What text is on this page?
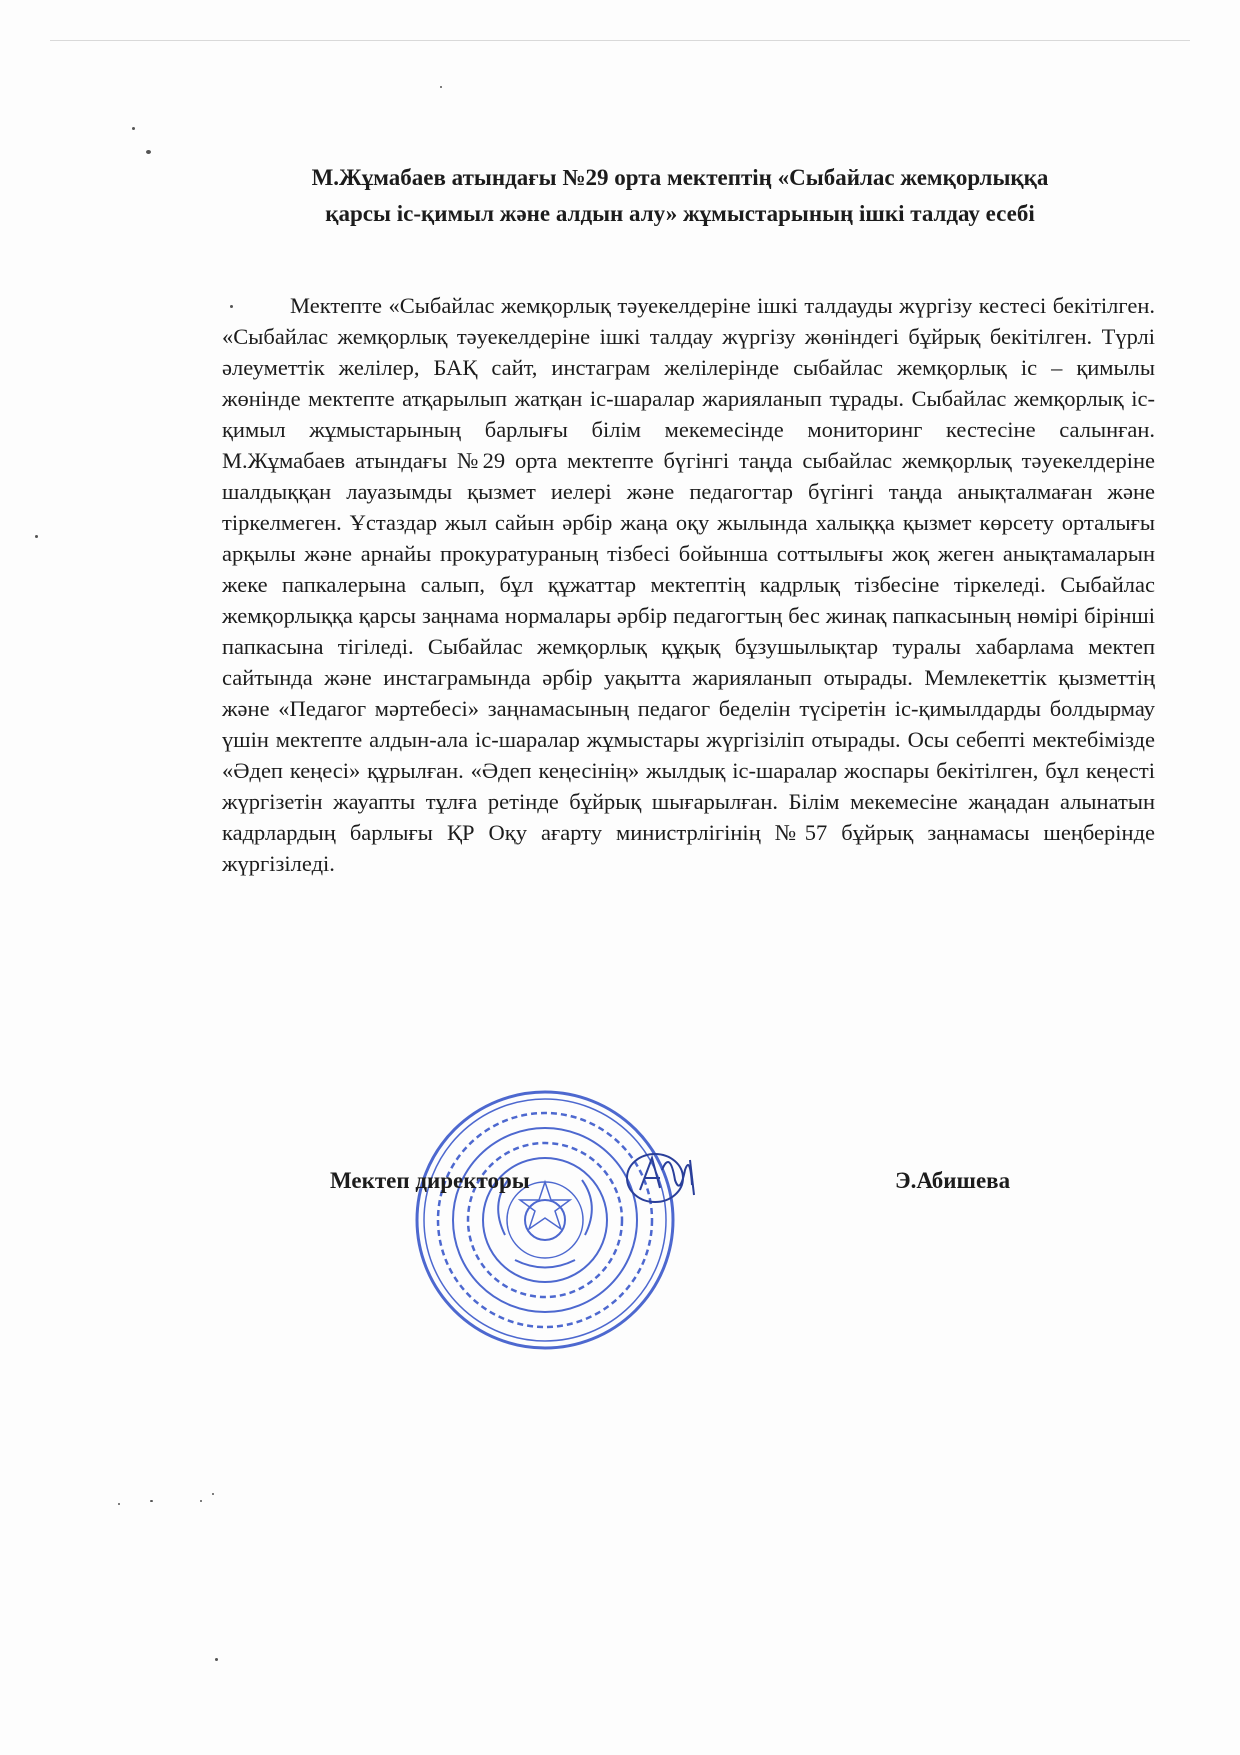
М.Жұмабаев атындағы №29 орта мектептің «Сыбайлас жемқорлыққа
қарсы іс-қимыл және алдын алу» жұмыстарының ішкі талдау есебі

Мектепте «Сыбайлас жемқорлық тәуекелдеріне ішкі талдауды жүргізу кестесі бекітілген. «Сыбайлас жемқорлық тәуекелдеріне ішкі талдау жүргізу жөніндегі бұйрық бекітілген. Түрлі әлеуметтік желілер, БАҚ сайт, инстаграм желілерінде сыбайлас жемқорлық іс – қимылы жөнінде мектепте атқарылып жатқан іс-шаралар жарияланып тұрады. Сыбайлас жемқорлық іс-қимыл жұмыстарының барлығы білім мекемесінде мониторинг кестесіне салынған. М.Жұмабаев атындағы №29 орта мектепте бүгінгі таңда сыбайлас жемқорлық тәуекелдеріне шалдыққан лауазымды қызмет иелері және педагогтар бүгінгі таңда анықталмаған және тіркелмеген. Ұстаздар жыл сайын әрбір жаңа оқу жылында халыққа қызмет көрсету орталығы арқылы және арнайы прокуратураның тізбесі бойынша соттылығы жоқ жеген анықтамаларын жеке папкалерына салып, бұл құжаттар мектептің кадрлық тізбесіне тіркеледі. Сыбайлас жемқорлыққа қарсы заңнама нормалары әрбір педагогтың бес жинақ папкасының нөмірі бірінші папкасына тігіледі. Сыбайлас жемқорлық құқық бұзушылықтар туралы хабарлама мектеп сайтында және инстаграмында әрбір уақытта жарияланып отырады. Мемлекеттік қызметтің және «Педагог мәртебесі» заңнамасының педагог беделін түсіретін іс-қимылдарды болдырмау үшін мектепте алдын-ала іс-шаралар жұмыстары жүргізіліп отырады. Осы себепті мектебімізде «Әдеп кеңесі» құрылған. «Әдеп кеңесінің» жылдық іс-шаралар жоспары бекітілген, бұл кеңесті жүргізетін жауапты тұлға ретінде бұйрық шығарылған. Білім мекемесіне жаңадан алынатын кадрлардың барлығы ҚР Оқу ағарту министрлігінің №57 бұйрық заңнамасы шеңберінде жүргізіледі.

Мектеп директоры	Э.Абишева
